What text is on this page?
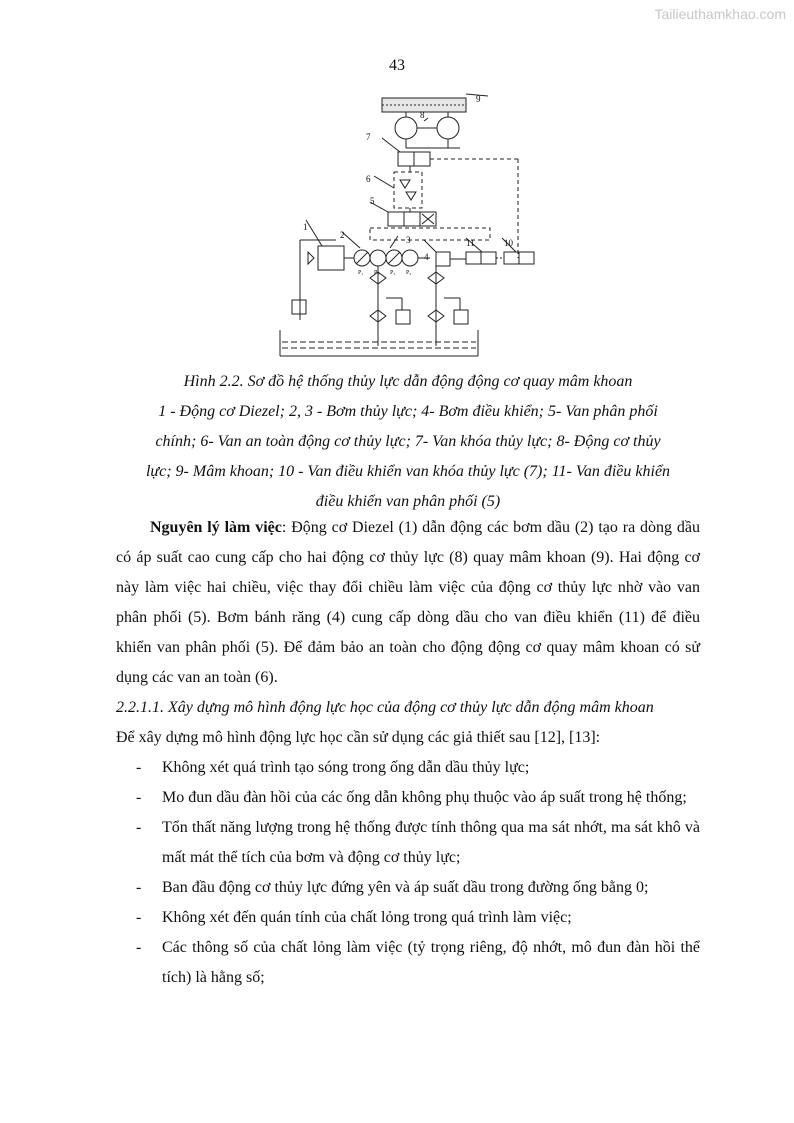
Tailieuthamkhao.com
43
1
2	3
4
5
6
7
8
9
10
11
P₁ P₂ P₃ P₄

Hình 2.2. Sơ đồ hệ thống thủy lực dẫn động động cơ quay mâm khoan

1 - Động cơ Diezel; 2, 3 - Bơm thủy lực; 4- Bơm điều khiển; 5- Van phân phối

chính; 6- Van an toàn động cơ thủy lực; 7- Van khóa thủy lực; 8- Động cơ thủy

lực; 9- Mâm khoan; 10 - Van điều khiển van khóa thủy lực (7); 11- Van điều khiển

điều khiển van phân phối (5)

Nguyên lý làm việc: Động cơ Diezel (1) dẫn động các bơm dầu (2) tạo ra dòng dầu có áp suất cao cung cấp cho hai động cơ thủy lực (8) quay mâm khoan (9). Hai động cơ này làm việc hai chiều, việc thay đổi chiều làm việc của động cơ thủy lực nhờ vào van phân phối (5). Bơm bánh răng (4) cung cấp dòng dầu cho van điều khiển (11) để điều khiển van phân phối (5). Để đảm bảo an toàn cho động động cơ quay mâm khoan có sử dụng các van an toàn (6).

2.2.1.1. Xây dựng mô hình động lực học của động cơ thủy lực dẫn động mâm khoan

Để xây dựng mô hình động lực học cần sử dụng các giả thiết sau [12], [13]:

- Không xét quá trình tạo sóng trong ống dẫn dầu thủy lực;
- Mo đun dầu đàn hồi của các ống dẫn không phụ thuộc vào áp suất trong hệ thống;
- Tổn thất năng lượng trong hệ thống được tính thông qua ma sát nhớt, ma sát khô và mất mát thể tích của bơm và động cơ thủy lực;
- Ban đầu động cơ thủy lực đứng yên và áp suất dầu trong đường ống bằng 0;
- Không xét đến quán tính của chất lỏng trong quá trình làm việc;
- Các thông số của chất lỏng làm việc (tỷ trọng riêng, độ nhớt, mô đun đàn hồi thể tích) là hằng số;
